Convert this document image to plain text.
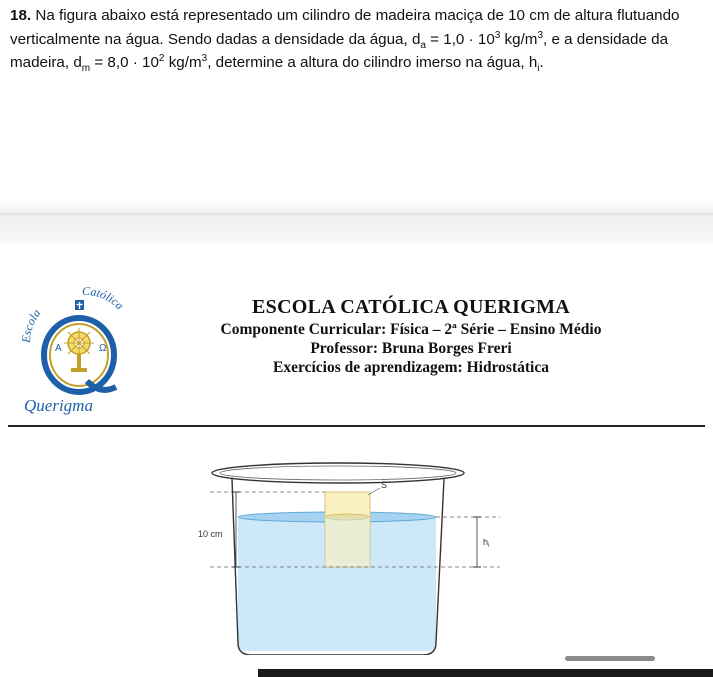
18. Na figura abaixo está representado um cilindro de madeira maciça de 10 cm de altura flutuando verticalmente na água. Sendo dadas a densidade da água, $d_a = 1,0 \cdot 10^3$ $kg/m^3$, e a densidade da madeira, $d_m = 8,0 \cdot 10^2$ $kg/m^3$, determine a altura do cilindro imerso na água, $h_i$.
Escola
Católica
A	Ω
Querigma
ESCOLA CATÓLICA QUERIGMA
Componente Curricular: Física – 2ª Série – Ensino Médio
Professor: Bruna Borges Freri
Exercícios de aprendizagem: Hidrostática
10 cm
$h_i$
S
